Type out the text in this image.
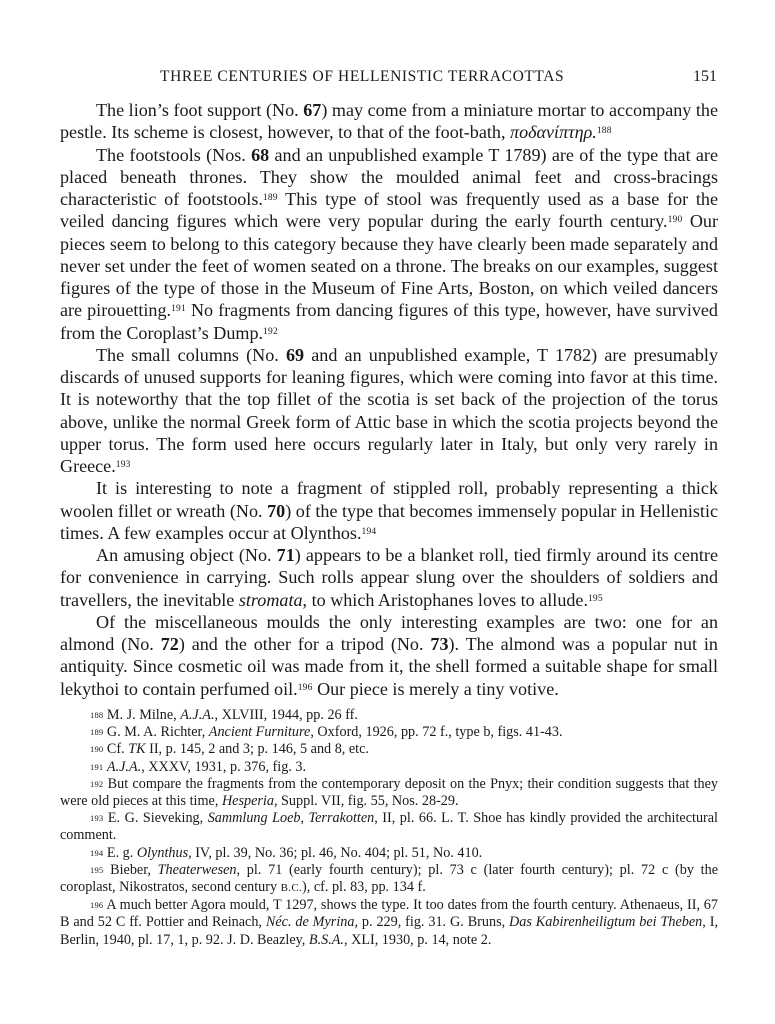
THREE CENTURIES OF HELLENISTIC TERRACOTTAS	151

The lion’s foot support (No. 67) may come from a miniature mortar to accompany the pestle. Its scheme is closest, however, to that of the foot-bath, ποδανίπτηρ.$^{188}$

The footstools (Nos. 68 and an unpublished example T 1789) are of the type that are placed beneath thrones. They show the moulded animal feet and cross-bracings characteristic of footstools.$^{189}$ This type of stool was frequently used as a base for the veiled dancing figures which were very popular during the early fourth century.$^{190}$ Our pieces seem to belong to this category because they have clearly been made separately and never set under the feet of women seated on a throne. The breaks on our examples, suggest figures of the type of those in the Museum of Fine Arts, Boston, on which veiled dancers are pirouetting.$^{191}$ No fragments from dancing figures of this type, however, have survived from the Coroplast’s Dump.$^{192}$

The small columns (No. 69 and an unpublished example, T 1782) are presumably discards of unused supports for leaning figures, which were coming into favor at this time. It is noteworthy that the top fillet of the scotia is set back of the projection of the torus above, unlike the normal Greek form of Attic base in which the scotia projects beyond the upper torus. The form used here occurs regularly later in Italy, but only very rarely in Greece.$^{193}$

It is interesting to note a fragment of stippled roll, probably representing a thick woolen fillet or wreath (No. 70) of the type that becomes immensely popular in Hellenistic times. A few examples occur at Olynthos.$^{194}$

An amusing object (No. 71) appears to be a blanket roll, tied firmly around its centre for convenience in carrying. Such rolls appear slung over the shoulders of soldiers and travellers, the inevitable stromata, to which Aristophanes loves to allude.$^{195}$

Of the miscellaneous moulds the only interesting examples are two: one for an almond (No. 72) and the other for a tripod (No. 73). The almond was a popular nut in antiquity. Since cosmetic oil was made from it, the shell formed a suitable shape for small lekythoi to contain perfumed oil.$^{196}$ Our piece is merely a tiny votive.

$^{188}$ M. J. Milne, A.J.A., XLVIII, 1944, pp. 26 ff.

$^{189}$ G. M. A. Richter, Ancient Furniture, Oxford, 1926, pp. 72 f., type b, figs. 41-43.

$^{190}$ Cf. TK II, p. 145, 2 and 3; p. 146, 5 and 8, etc.

$^{191}$ A.J.A., XXXV, 1931, p. 376, fig. 3.

$^{192}$ But compare the fragments from the contemporary deposit on the Pnyx; their condition suggests that they were old pieces at this time, Hesperia, Suppl. VII, fig. 55, Nos. 28-29.

$^{193}$ E. G. Sieveking, Sammlung Loeb, Terrakotten, II, pl. 66. L. T. Shoe has kindly provided the architectural comment.

$^{194}$ E. g. Olynthus, IV, pl. 39, No. 36; pl. 46, No. 404; pl. 51, No. 410.

$^{195}$ Bieber, Theaterwesen, pl. 71 (early fourth century); pl. 73 c (later fourth century); pl. 72 c (by the coroplast, Nikostratos, second century B.C.), cf. pl. 83, pp. 134 f.

$^{196}$ A much better Agora mould, T 1297, shows the type. It too dates from the fourth century. Athenaeus, II, 67 B and 52 C ff. Pottier and Reinach, Néc. de Myrina, p. 229, fig. 31. G. Bruns, Das Kabirenheiligtum bei Theben, I, Berlin, 1940, pl. 17, 1, p. 92. J. D. Beazley, B.S.A., XLI, 1930, p. 14, note 2.
